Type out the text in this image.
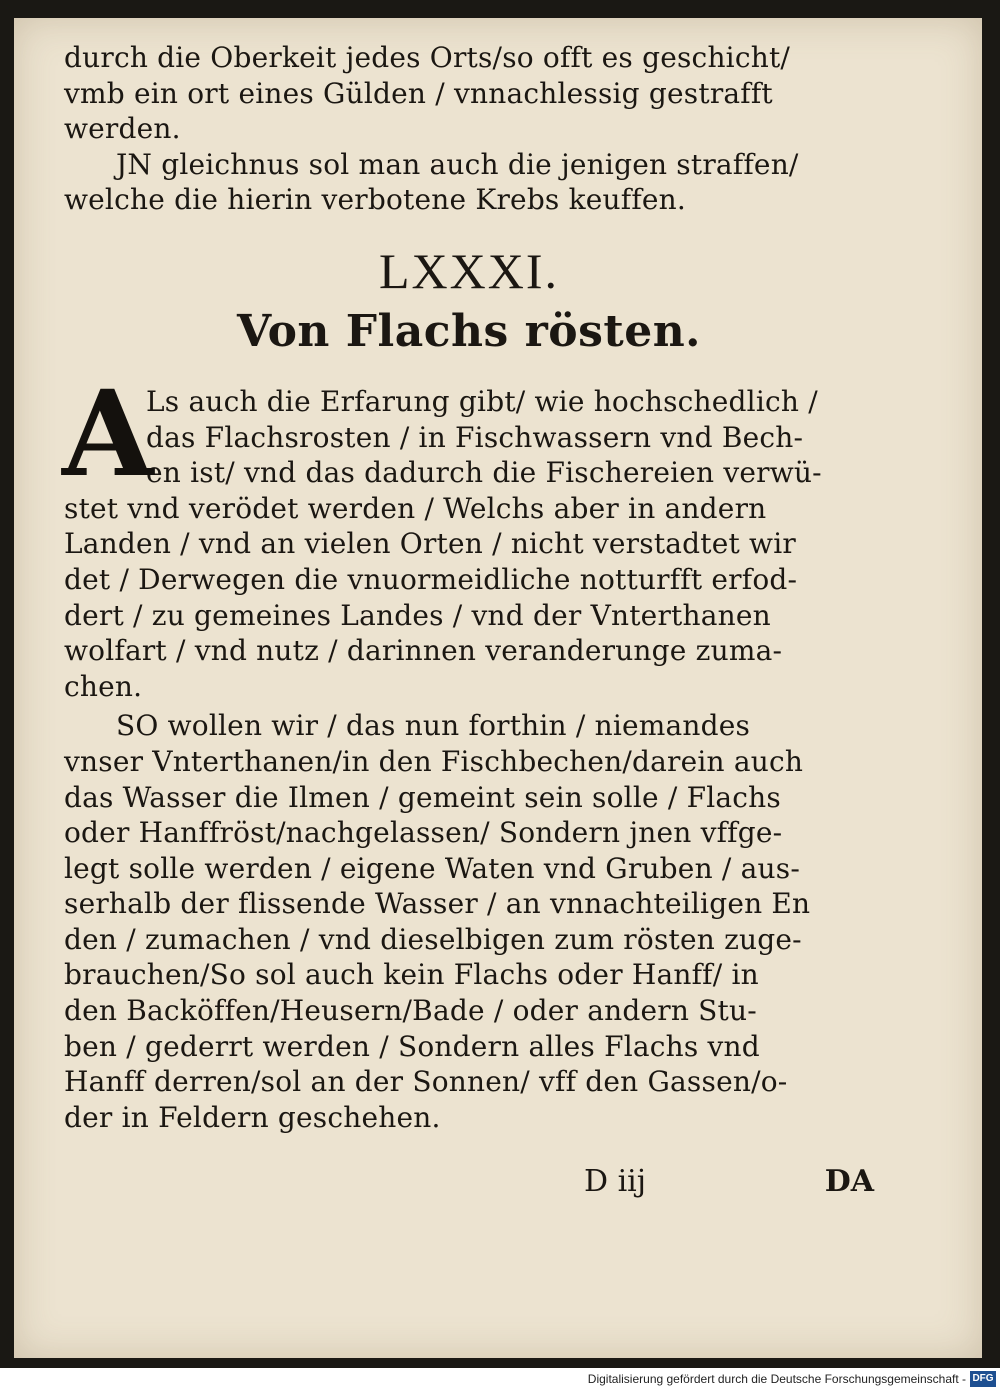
durch die Oberkeit jedes Orts/so offt es geschicht/
vmb ein ort eines Gülden / vnnachlessig gestrafft
werden.
JN gleichnus sol man auch die jenigen straffen/
welche die hierin verbotene Krebs keuffen.
LXXXI.
Von Flachs rösten.
A
Ls auch die Erfarung gibt/ wie hochschedlich /
das Flachsrosten / in Fischwassern vnd Bech-
en ist/ vnd das dadurch die Fischereien verwü-
stet vnd verödet werden / Welchs aber in andern
Landen / vnd an vielen Orten / nicht verstadtet wir
det / Derwegen die vnuormeidliche notturfft erfod-
dert / zu gemeines Landes / vnd der Vnterthanen
wolfart / vnd nutz / darinnen veranderunge zuma-
chen.
SO wollen wir / das nun forthin / niemandes
vnser Vnterthanen/in den Fischbechen/darein auch
das Wasser die Ilmen / gemeint sein solle / Flachs
oder Hanffröst/nachgelassen/ Sondern jnen vffge-
legt solle werden / eigene Waten vnd Gruben / aus-
serhalb der flissende Wasser / an vnnachteiligen En
den / zumachen / vnd dieselbigen zum rösten zuge-
brauchen/So sol auch kein Flachs oder Hanff/ in
den Backöffen/Heusern/Bade / oder andern Stu-
ben / gederrt werden / Sondern alles Flachs vnd
Hanff derren/sol an der Sonnen/ vff den Gassen/o-
der in Feldern geschehen.
D iij	DA
Digitalisierung gefördert durch die Deutsche Forschungsgemeinschaft - DFG
